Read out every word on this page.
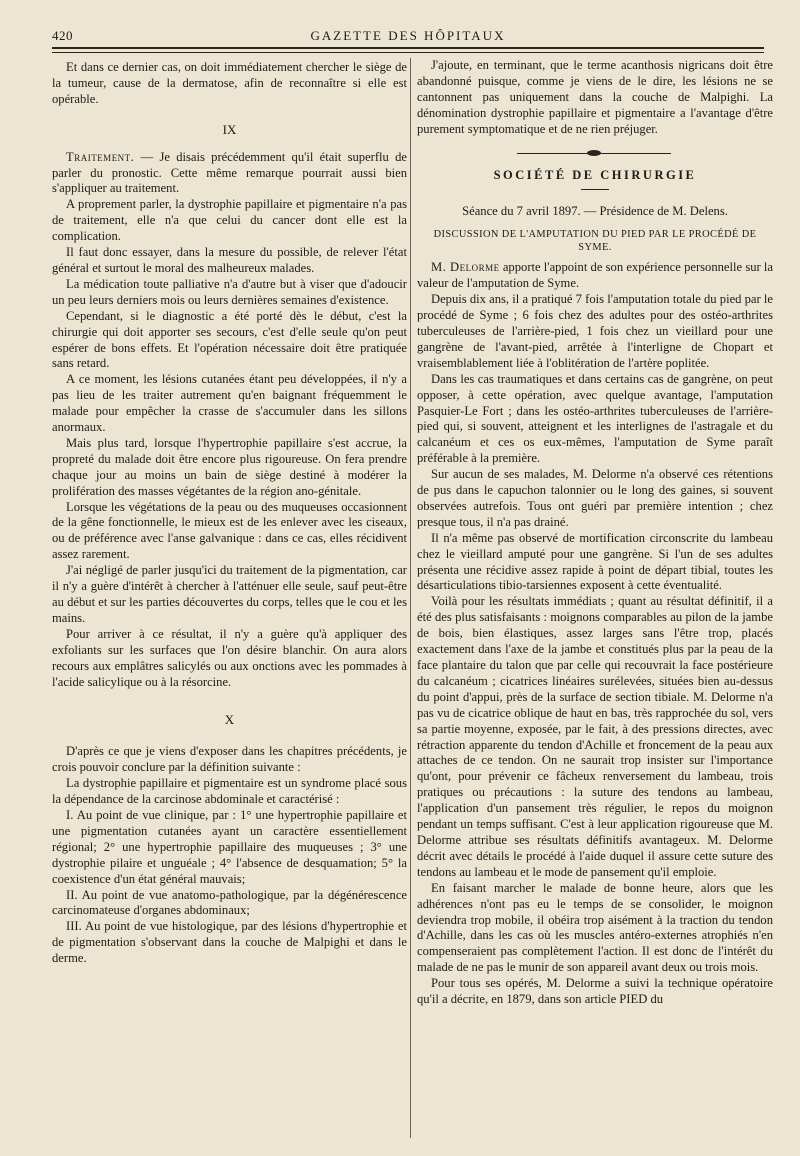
420	GAZETTE DES HÔPITAUX

Et dans ce dernier cas, on doit immédiatement chercher le siège de la tumeur, cause de la dermatose, afin de reconnaître si elle est opérable.

IX

Traitement. — Je disais précédemment qu'il était superflu de parler du pronostic. Cette même remarque pourrait aussi bien s'appliquer au traitement.

A proprement parler, la dystrophie papillaire et pigmentaire n'a pas de traitement, elle n'a que celui du cancer dont elle est la complication.

Il faut donc essayer, dans la mesure du possible, de relever l'état général et surtout le moral des malheureux malades.

La médication toute palliative n'a d'autre but à viser que d'adoucir un peu leurs derniers mois ou leurs dernières semaines d'existence.

Cependant, si le diagnostic a été porté dès le début, c'est la chirurgie qui doit apporter ses secours, c'est d'elle seule qu'on peut espérer de bons effets. Et l'opération nécessaire doit être pratiquée sans retard.

A ce moment, les lésions cutanées étant peu développées, il n'y a pas lieu de les traiter autrement qu'en baignant fréquemment le malade pour empêcher la crasse de s'accumuler dans les sillons anormaux.

Mais plus tard, lorsque l'hypertrophie papillaire s'est accrue, la propreté du malade doit être encore plus rigoureuse. On fera prendre chaque jour au moins un bain de siège destiné à modérer la prolifération des masses végétantes de la région ano-génitale.

Lorsque les végétations de la peau ou des muqueuses occasionnent de la gêne fonctionnelle, le mieux est de les enlever avec les ciseaux, ou de préférence avec l'anse galvanique : dans ce cas, elles récidivent assez rarement.

J'ai négligé de parler jusqu'ici du traitement de la pigmentation, car il n'y a guère d'intérêt à chercher à l'atténuer elle seule, sauf peut-être au début et sur les parties découvertes du corps, telles que le cou et les mains.

Pour arriver à ce résultat, il n'y a guère qu'à appliquer des exfoliants sur les surfaces que l'on désire blanchir. On aura alors recours aux emplâtres salicylés ou aux onctions avec les pommades à l'acide salicylique ou à la résorcine.

X

D'après ce que je viens d'exposer dans les chapitres précédents, je crois pouvoir conclure par la définition suivante :

La dystrophie papillaire et pigmentaire est un syndrome placé sous la dépendance de la carcinose abdominale et caractérisé :

I. Au point de vue clinique, par : 1° une hypertrophie papillaire et une pigmentation cutanées ayant un caractère essentiellement régional; 2° une hypertrophie papillaire des muqueuses ; 3° une dystrophie pilaire et unguéale ; 4° l'absence de desquamation; 5° la coexistence d'un état général mauvais;

II. Au point de vue anatomo-pathologique, par la dégénérescence carcinomateuse d'organes abdominaux;

III. Au point de vue histologique, par des lésions d'hypertrophie et de pigmentation s'observant dans la couche de Malpighi et dans le derme.

J'ajoute, en terminant, que le terme acanthosis nigricans doit être abandonné puisque, comme je viens de le dire, les lésions ne se cantonnent pas uniquement dans la couche de Malpighi. La dénomination dystrophie papillaire et pigmentaire a l'avantage d'être purement symptomatique et de ne rien préjuger.

SOCIÉTÉ DE CHIRURGIE
Séance du 7 avril 1897. — Présidence de M. Delens.
DISCUSSION DE L'AMPUTATION DU PIED PAR LE PROCÉDÉ DE SYME.

M. Delorme apporte l'appoint de son expérience personnelle sur la valeur de l'amputation de Syme.

Depuis dix ans, il a pratiqué 7 fois l'amputation totale du pied par le procédé de Syme ; 6 fois chez des adultes pour des ostéo-arthrites tuberculeuses de l'arrière-pied, 1 fois chez un vieillard pour une gangrène de l'avant-pied, arrêtée à l'interligne de Chopart et vraisemblablement liée à l'oblitération de l'artère poplitée.

Dans les cas traumatiques et dans certains cas de gangrène, on peut opposer, à cette opération, avec quelque avantage, l'amputation Pasquier-Le Fort ; dans les ostéo-arthrites tuberculeuses de l'arrière-pied qui, si souvent, atteignent et les interlignes de l'astragale et du calcanéum et ces os eux-mêmes, l'amputation de Syme paraît préférable à la première.

Sur aucun de ses malades, M. Delorme n'a observé ces rétentions de pus dans le capuchon talonnier ou le long des gaines, si souvent observées autrefois. Tous ont guéri par première intention ; chez presque tous, il n'a pas drainé.

Il n'a même pas observé de mortification circonscrite du lambeau chez le vieillard amputé pour une gangrène. Si l'un de ses adultes présenta une récidive assez rapide à point de départ tibial, toutes les désarticulations tibio-tarsiennes exposent à cette éventualité.

Voilà pour les résultats immédiats ; quant au résultat définitif, il a été des plus satisfaisants : moignons comparables au pilon de la jambe de bois, bien élastiques, assez larges sans l'être trop, placés exactement dans l'axe de la jambe et constitués plus par la peau de la face plantaire du talon que par celle qui recouvrait la face postérieure du calcanéum ; cicatrices linéaires surélevées, situées bien au-dessus du point d'appui, près de la surface de section tibiale. M. Delorme n'a pas vu de cicatrice oblique de haut en bas, très rapprochée du sol, vers sa partie moyenne, exposée, par le fait, à des pressions directes, avec rétraction apparente du tendon d'Achille et froncement de la peau aux attaches de ce tendon. On ne saurait trop insister sur l'importance qu'ont, pour prévenir ce fâcheux renversement du lambeau, trois pratiques ou précautions : la suture des tendons au lambeau, l'application d'un pansement très régulier, le repos du moignon pendant un temps suffisant. C'est à leur application rigoureuse que M. Delorme attribue ses résultats définitifs avantageux. M. Delorme décrit avec détails le procédé à l'aide duquel il assure cette suture des tendons au lambeau et le mode de pansement qu'il emploie.

En faisant marcher le malade de bonne heure, alors que les adhérences n'ont pas eu le temps de se consolider, le moignon deviendra trop mobile, il obéira trop aisément à la traction du tendon d'Achille, dans les cas où les muscles antéro-externes atrophiés n'en compenseraient pas complètement l'action. Il est donc de l'intérêt du malade de ne pas le munir de son appareil avant deux ou trois mois.

Pour tous ses opérés, M. Delorme a suivi la technique opératoire qu'il a décrite, en 1879, dans son article PIED du
